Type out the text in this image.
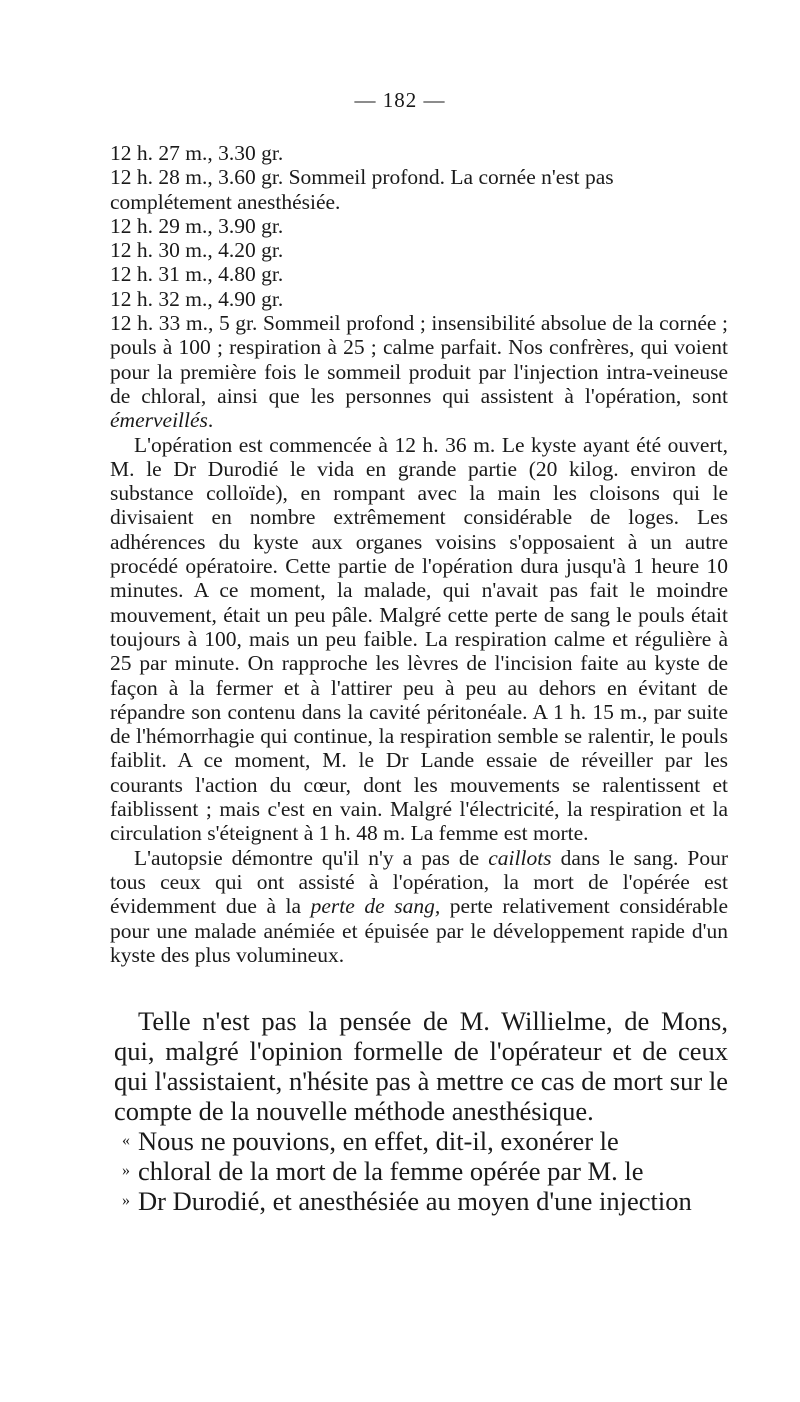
— 182 —
12 h. 27 m., 3.30 gr.
12 h. 28 m., 3.60 gr. Sommeil profond. La cornée n'est pas
complétement anesthésiée.
12 h. 29 m., 3.90 gr.
12 h. 30 m., 4.20 gr.
12 h. 31 m., 4.80 gr.
12 h. 32 m., 4.90 gr.
12 h. 33 m., 5 gr. Sommeil profond ; insensibilité absolue de la cornée ; pouls à 100 ; respiration à 25 ; calme parfait. Nos confrères, qui voient pour la première fois le sommeil produit par l'injection intra-veineuse de chloral, ainsi que les personnes qui assistent à l'opération, sont émerveillés.
L'opération est commencée à 12 h. 36 m. Le kyste ayant été ouvert, M. le Dr Durodié le vida en grande partie (20 kilog. environ de substance colloïde), en rompant avec la main les cloisons qui le divisaient en nombre extrêmement considérable de loges. Les adhérences du kyste aux organes voisins s'opposaient à un autre procédé opératoire. Cette partie de l'opération dura jusqu'à 1 heure 10 minutes. A ce moment, la malade, qui n'avait pas fait le moindre mouvement, était un peu pâle. Malgré cette perte de sang le pouls était toujours à 100, mais un peu faible. La respiration calme et régulière à 25 par minute. On rapproche les lèvres de l'incision faite au kyste de façon à la fermer et à l'attirer peu à peu au dehors en évitant de répandre son contenu dans la cavité péritonéale. A 1 h. 15 m., par suite de l'hémorrhagie qui continue, la respiration semble se ralentir, le pouls faiblit. A ce moment, M. le Dr Lande essaie de réveiller par les courants l'action du cœur, dont les mouvements se ralentissent et faiblissent ; mais c'est en vain. Malgré l'électricité, la respiration et la circulation s'éteignent à 1 h. 48 m. La femme est morte.
L'autopsie démontre qu'il n'y a pas de caillots dans le sang. Pour tous ceux qui ont assisté à l'opération, la mort de l'opérée est évidemment due à la perte de sang, perte relativement considérable pour une malade anémiée et épuisée par le développement rapide d'un kyste des plus volumineux.
Telle n'est pas la pensée de M. Willielme, de Mons, qui, malgré l'opinion formelle de l'opérateur et de ceux qui l'assistaient, n'hésite pas à mettre ce cas de mort sur le compte de la nouvelle méthode anesthésique.
« Nous ne pouvions, en effet, dit-il, exonérer le
» chloral de la mort de la femme opérée par M. le
» Dr Durodié, et anesthésiée au moyen d'une injection
